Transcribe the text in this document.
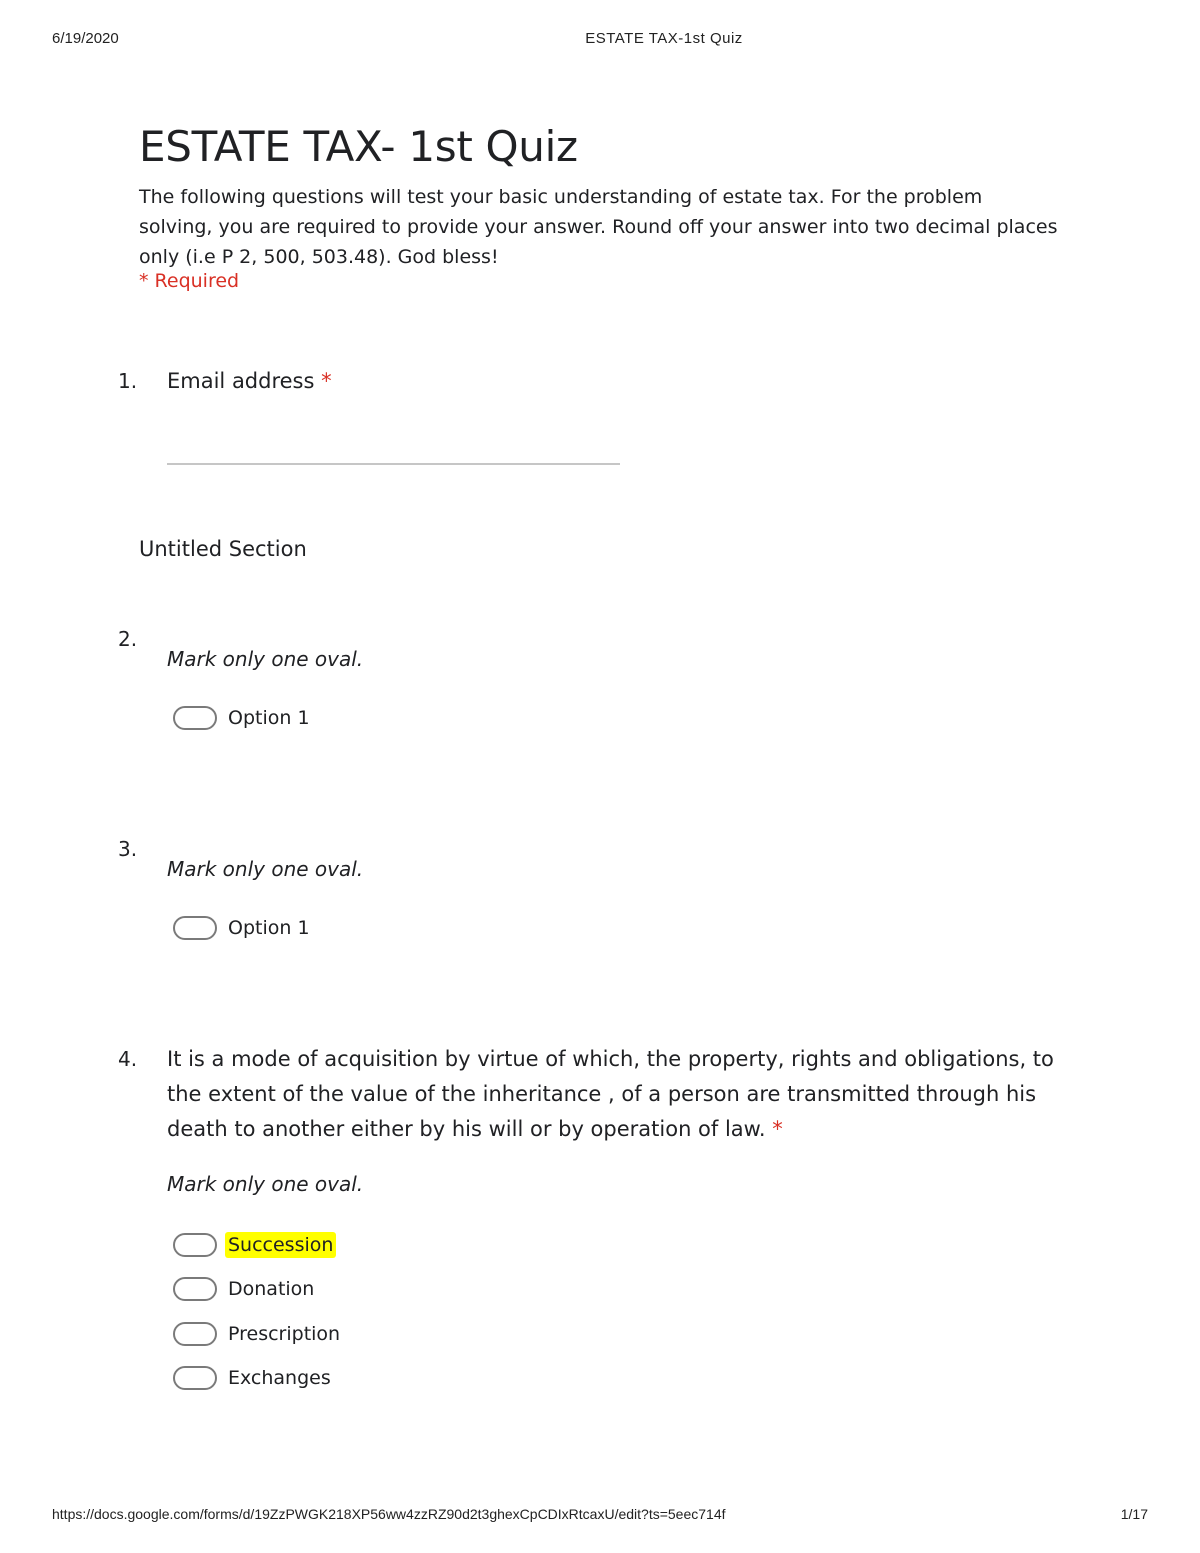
6/19/2020	ESTATE TAX-1st Quiz
ESTATE TAX- 1st Quiz

The following questions will test your basic understanding of estate tax. For the problem solving, you are required to provide your answer. Round off your answer into two decimal places only (i.e P 2, 500, 503.48). God bless!

* Required
1. Email address *
Untitled Section
2.
Mark only one oval.
Option 1
3.
Mark only one oval.
Option 1
4. It is a mode of acquisition by virtue of which, the property, rights and obligations, to the extent of the value of the inheritance , of a person are transmitted through his death to another either by his will or by operation of law. *
Mark only one oval.
Succession
Donation
Prescription
Exchanges
https://docs.google.com/forms/d/19ZzPWGK218XP56ww4zzRZ90d2t3ghexCpCDIxRtcaxU/edit?ts=5eec714f	1/17
